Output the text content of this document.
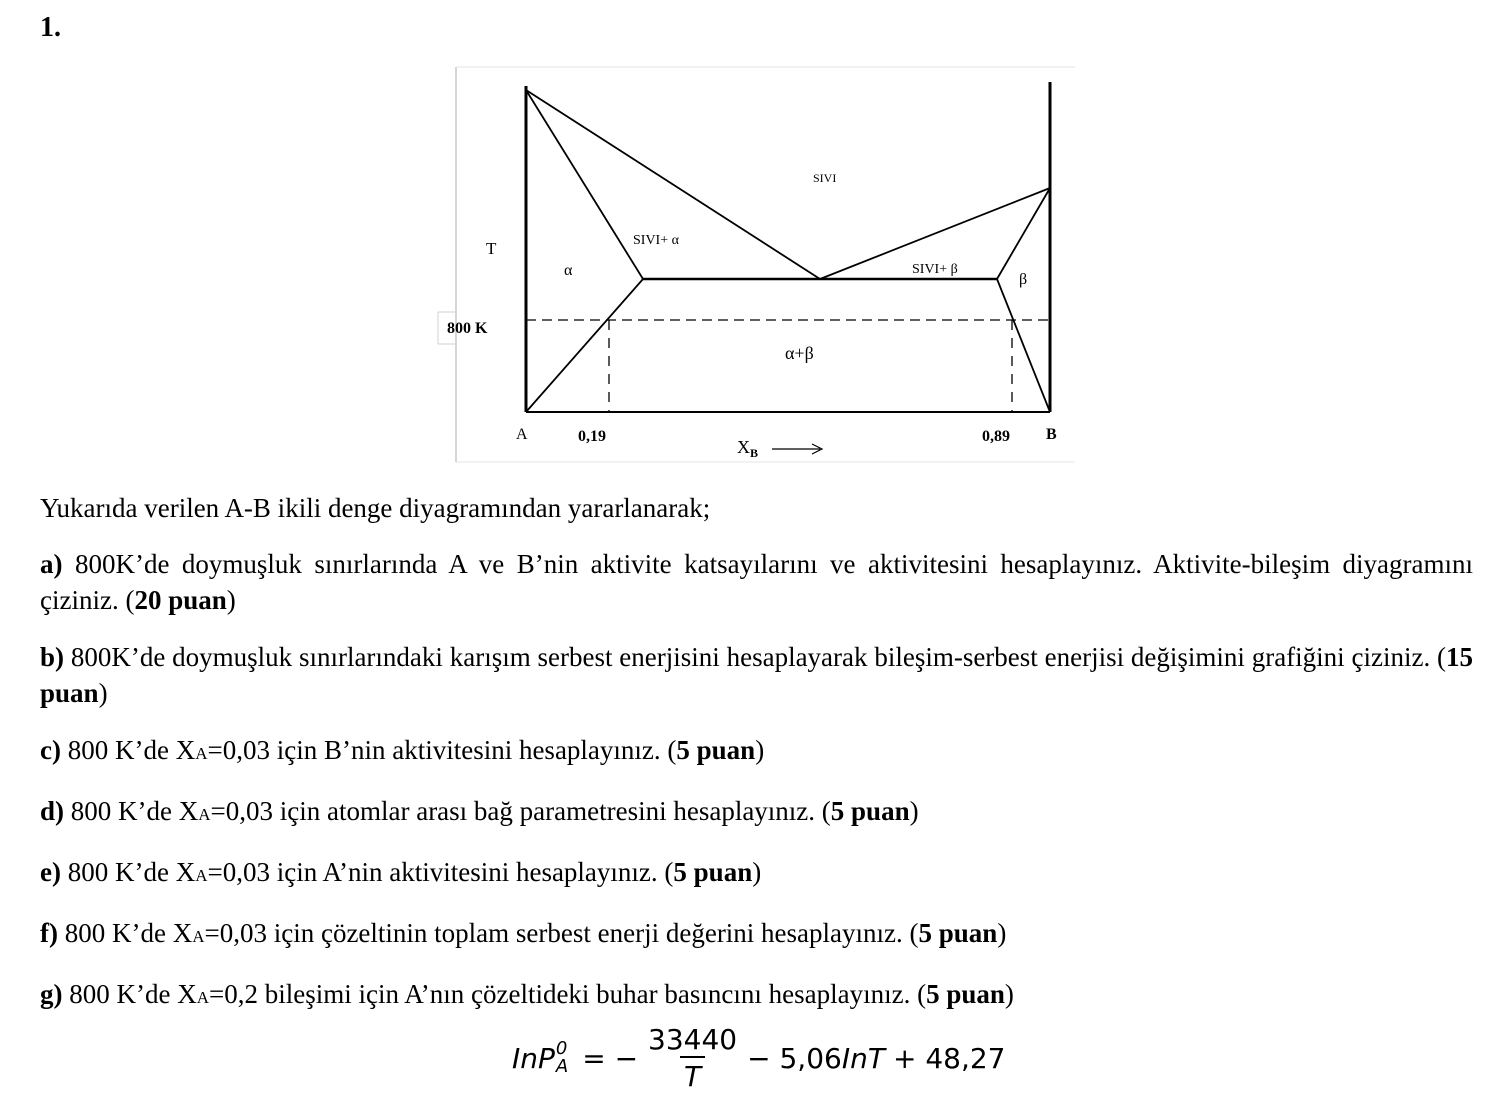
1.
T
800 K
SIVI
SIVI+ α
SIVI+ β
α
β
α+β
A	0,19	0,89 B
$X_B$

Yukarıda verilen A-B ikili denge diyagramından yararlanarak;

a) 800K’de doymuşluk sınırlarında A ve B’nin aktivite katsayılarını ve aktivitesini hesaplayınız. Aktivite-bileşim diyagramını çiziniz. (20 puan)

b) 800K’de doymuşluk sınırlarındaki karışım serbest enerjisini hesaplayarak bileşim-serbest enerjisi değişimini grafiğini çiziniz. (15 puan)

c) 800 K’de XA=0,03 için B’nin aktivitesini hesaplayınız. (5 puan)

d) 800 K’de XA=0,03 için atomlar arası bağ parametresini hesaplayınız. (5 puan)

e) 800 K’de XA=0,03 için A’nin aktivitesini hesaplayınız. (5 puan)

f) 800 K’de XA=0,03 için çözeltinin toplam serbest enerji değerini hesaplayınız. (5 puan)

g) 800 K’de XA=0,2 bileşimi için A’nın çözeltideki buhar basıncını hesaplayınız. (5 puan)

InP 0
A = − $\frac{33440}{T} - 5,06$ InT + 48,27
